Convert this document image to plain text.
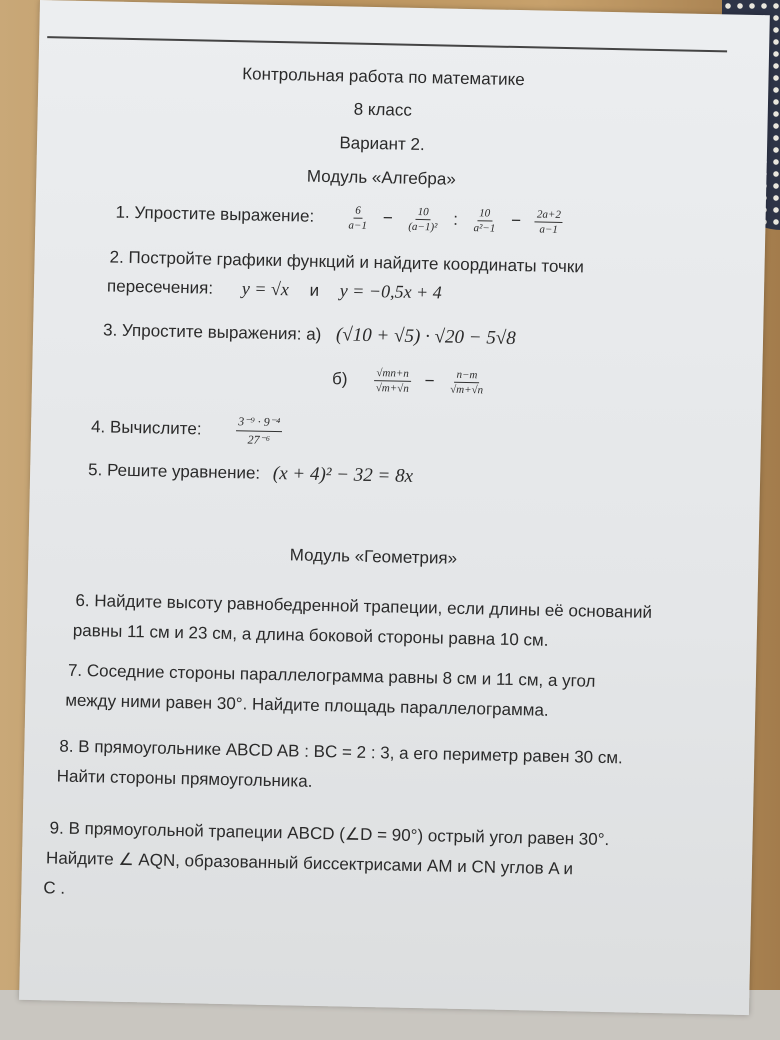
Контрольная работа по математике
8 класс
Вариант 2.
Модуль «Алгебра»
1. Упростите выражение:	$\frac{6}{a-1} - \frac{10}{\text{(a−1)²}}$ : $\frac{10}{\text{a²−1}} - \frac{2a+2}{a-1}$
2. Постройте графики функций и найдите координаты точки
пересечения: y = √x и y = −0,5x + 4
3. Упростите выражения: а) (√10 + √5) · √20 − 5√8
$б) \frac{√mn+n}{√m+√n} - \frac{n-m}{√m+√n}$
4. Вычислите:	$\frac{\text{3⁻⁹ · 9⁻⁴}}{\text{27⁻⁶}}$
5. Решите уравнение: (x + 4)² − 32 = 8x
Модуль «Геометрия»
6. Найдите высоту равнобедренной трапеции, если длины её оснований
равны 11 см и 23 см, а длина боковой стороны равна 10 см.
7. Соседние стороны параллелограмма равны 8 см и 11 см, а угол
между ними равен 30°. Найдите площадь параллелограмма.
8. В прямоугольнике ABCD AB : BC = 2 : 3, а его периметр равен 30 см.
Найти стороны прямоугольника.
9. В прямоугольной трапеции ABCD (∠D = 90°) острый угол равен 30°.
Найдите ∠ AQN, образованный биссектрисами AM и CN углов A и
C .
